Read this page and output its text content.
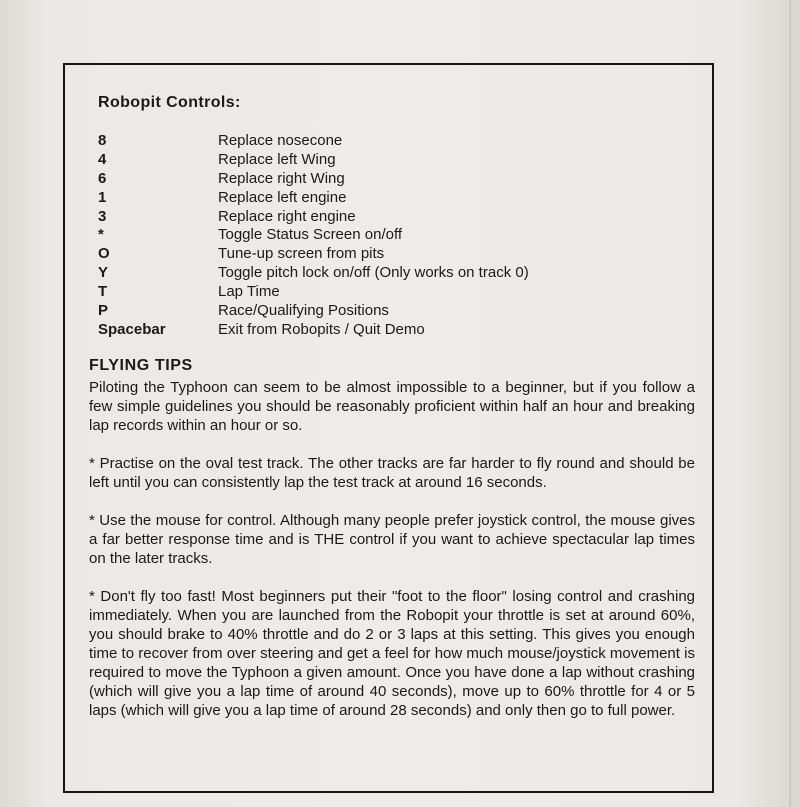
Robopit Controls:
8	Replace nosecone
4	Replace left Wing
6	Replace right Wing
1	Replace left engine
3	Replace right engine
*	Toggle Status Screen on/off
O	Tune-up screen from pits
Y	Toggle pitch lock on/off (Only works on track 0)
T	Lap Time
P	Race/Qualifying Positions
Spacebar	Exit from Robopits / Quit Demo
FLYING TIPS

Piloting the Typhoon can seem to be almost impossible to a beginner, but if you follow a few simple guidelines you should be reasonably proficient within half an hour and breaking lap records within an hour or so.

* Practise on the oval test track. The other tracks are far harder to fly round and should be left until you can consistently lap the test track at around 16 seconds.

* Use the mouse for control. Although many people prefer joystick control, the mouse gives a far better response time and is THE control if you want to achieve spectacular lap times on the later tracks.

* Don't fly too fast! Most beginners put their "foot to the floor" losing control and crashing immediately. When you are launched from the Robopit your throttle is set at around 60%, you should brake to 40% throttle and do 2 or 3 laps at this setting. This gives you enough time to recover from over steering and get a feel for how much mouse/joystick movement is required to move the Typhoon a given amount. Once you have done a lap without crashing (which will give you a lap time of around 40 seconds), move up to 60% throttle for 4 or 5 laps (which will give you a lap time of around 28 seconds) and only then go to full power.
